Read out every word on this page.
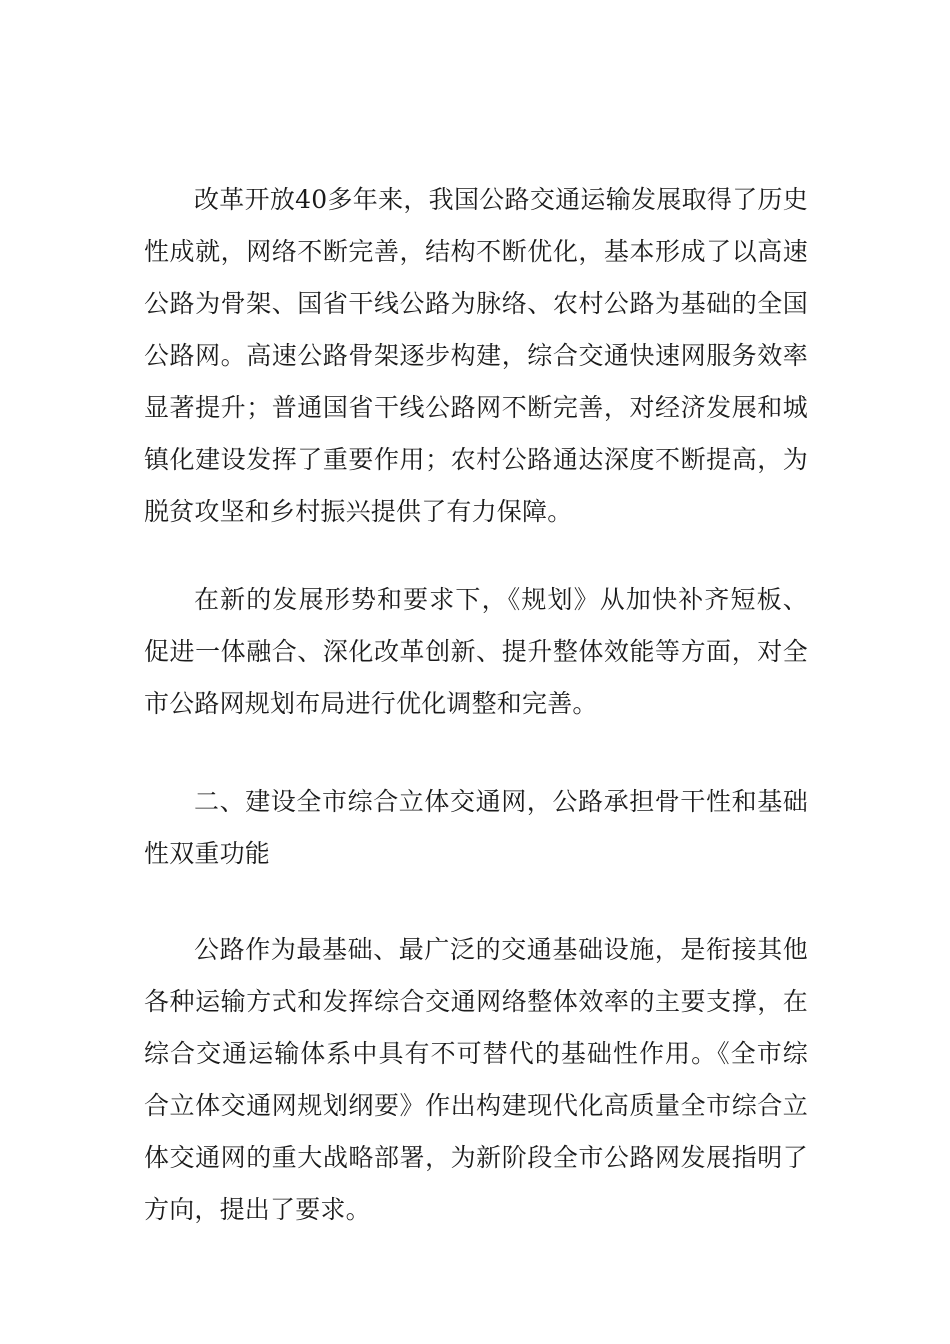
改革开放40多年来，我国公路交通运输发展取得了历史性成就，网络不断完善，结构不断优化，基本形成了以高速公路为骨架、国省干线公路为脉络、农村公路为基础的全国公路网。高速公路骨架逐步构建，综合交通快速网服务效率显著提升；普通国省干线公路网不断完善，对经济发展和城镇化建设发挥了重要作用；农村公路通达深度不断提高，为脱贫攻坚和乡村振兴提供了有力保障。

在新的发展形势和要求下，《规划》从加快补齐短板、促进一体融合、深化改革创新、提升整体效能等方面，对全市公路网规划布局进行优化调整和完善。

二、建设全市综合立体交通网，公路承担骨干性和基础性双重功能

公路作为最基础、最广泛的交通基础设施，是衔接其他各种运输方式和发挥综合交通网络整体效率的主要支撑，在综合交通运输体系中具有不可替代的基础性作用。《全市综合立体交通网规划纲要》作出构建现代化高质量全市综合立体交通网的重大战略部署，为新阶段全市公路网发展指明了方向，提出了要求。
